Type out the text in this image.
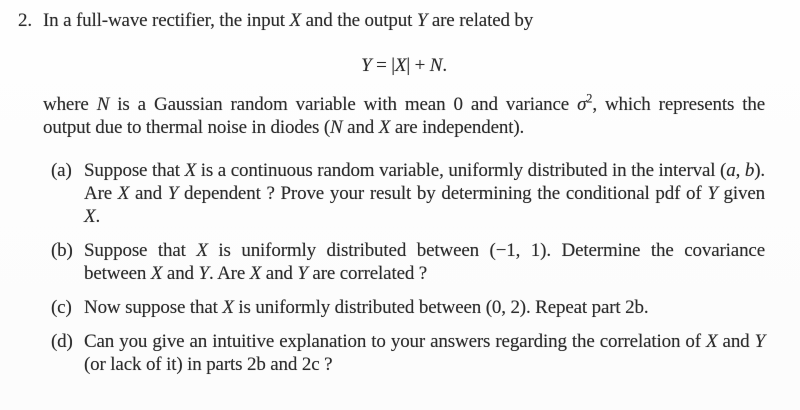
2. In a full-wave rectifier, the input X and the output Y are related by

Y = |X| + N.

where N is a Gaussian random variable with mean 0 and variance $\sigma^2$, which represents the output due to thermal noise in diodes (N and X are independent).

(a) Suppose that X is a continuous random variable, uniformly distributed in the interval (a, b). Are X and Y dependent ? Prove your result by determining the conditional pdf of Y given X.

(b) Suppose that X is uniformly distributed between (−1, 1). Determine the covariance between X and Y. Are X and Y are correlated ?

(c) Now suppose that X is uniformly distributed between (0, 2). Repeat part 2b.

(d) Can you give an intuitive explanation to your answers regarding the correlation of X and Y (or lack of it) in parts 2b and 2c ?
